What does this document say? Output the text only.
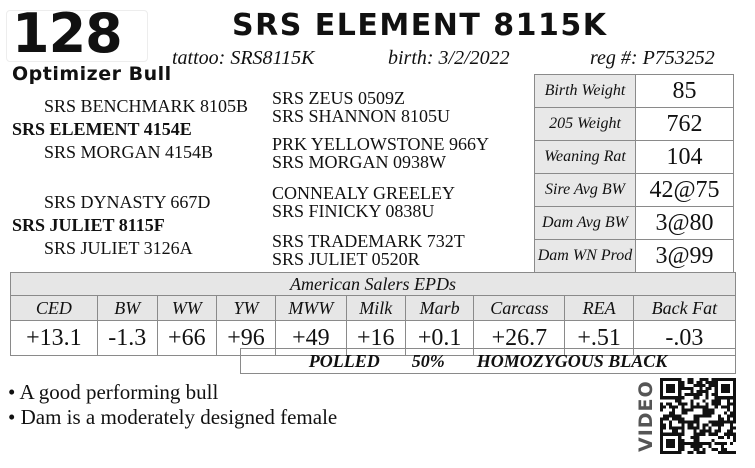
128	SRS ELEMENT 8115K
tattoo: SRS8115K	birth: 3/2/2022	reg #: P753252
Optimizer Bull
SRS BENCHMARK 8105B
SRS ELEMENT 4154E
SRS MORGAN 4154B
SRS DYNASTY 667D
SRS JULIET 8115F
SRS JULIET 3126A
SRS ZEUS 0509Z
SRS SHANNON 8105U
PRK YELLOWSTONE 966Y
SRS MORGAN 0938W
CONNEALY GREELEY
SRS FINICKY 0838U
SRS TRADEMARK 732T
SRS JULIET 0520R
Birth Weight	85
205 Weight	762
Weaning Rat	104
Sire Avg BW	42@75
Dam Avg BW	3@80
Dam WN Prod	3@99
American Salers EPDs									
CED	BW	WW	YW	MWW	Milk	Marb	Carcass	REA	Back Fat
+13.1	-1.3	+66	+96	+49	+16	+0.1	+26.7	+.51	-.03
POLLED 50% HOMOZYGOUS BLACK
• A good performing bull
• Dam is a moderately designed female	VIDEO
